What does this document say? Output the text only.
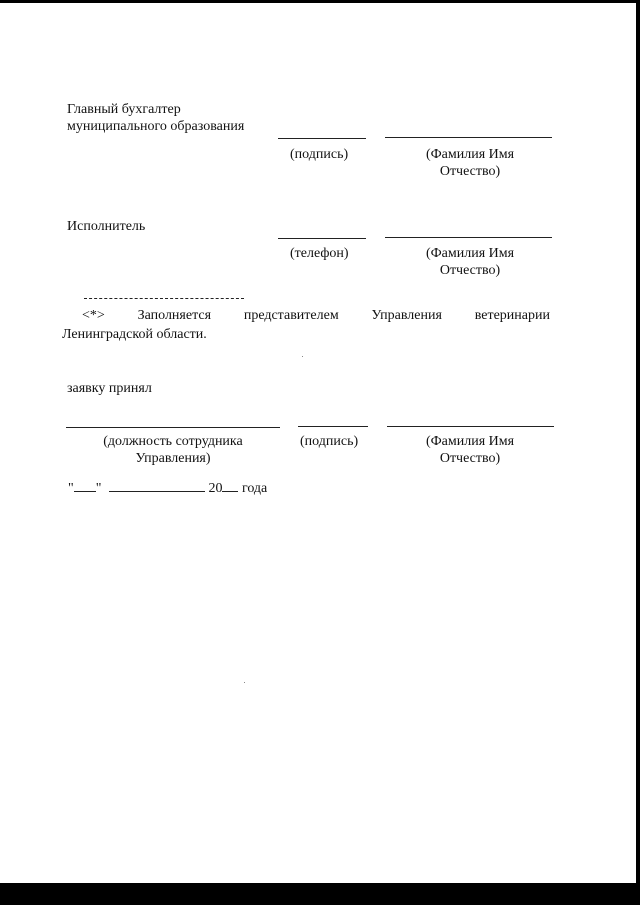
Главный бухгалтер
муниципального образования
(подпись)	(Фамилия Имя
Отчество)
Исполнитель
(телефон)	(Фамилия Имя
Отчество)
<*> Заполняется представителем Управления ветеринарии
Ленинградской области.
заявку принял
(должность сотрудника
Управления)
(подпись)	(Фамилия Имя
Отчество)
" "	20 года
